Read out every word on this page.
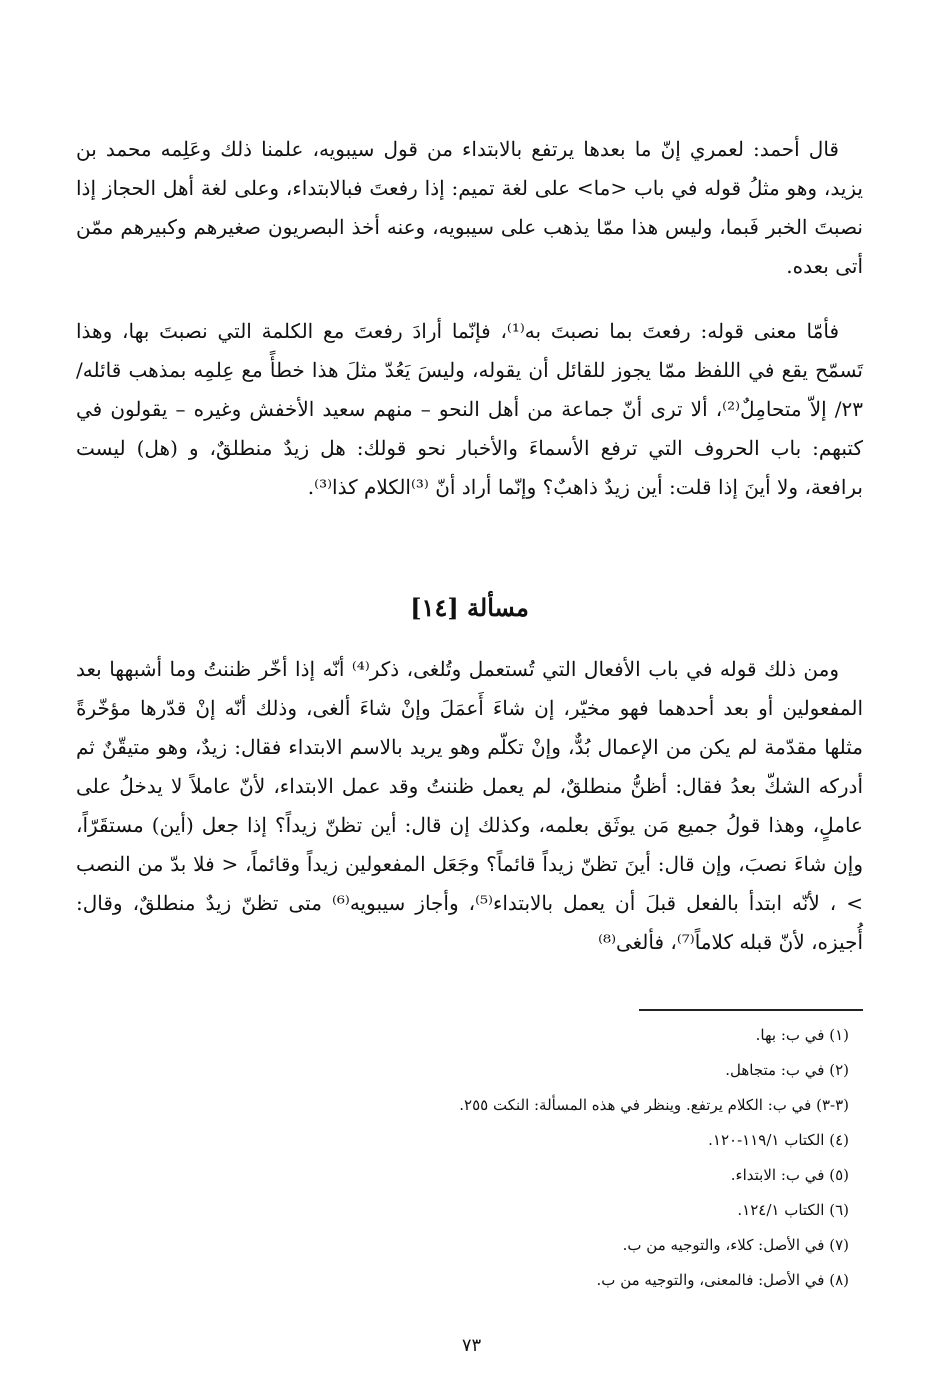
قال أحمد: لعمري إنّ ما بعدها يرتفع بالابتداء من قول سيبويه، علمنا ذلك وعَلِمه محمد بن يزيد، وهو مثلُ قوله في باب <ما> على لغة تميم: إذا رفعتَ فبالابتداء، وعلى لغة أهل الحجاز إذا نصبتَ الخبر فَبما، وليس هذا ممّا يذهب على سيبويه، وعنه أخذ البصريون صغيرهم وكبيرهم ممّن أتى بعده.

فأمّا معنى قوله: رفعتَ بما نصبتَ به⁽¹⁾، فإنّما أرادَ رفعتَ مع الكلمة التي نصبتَ بها، وهذا تَسمّح يقع في اللفظ ممّا يجوز للقائل أن يقوله، وليسَ يَعُدّ مثلَ هذا خطأً مع عِلمِه بمذهب قائله/٢٣/ إلاّ متحامِلٌ⁽²⁾، ألا ترى أنّ جماعة من أهل النحو – منهم سعيد الأخفش وغيره – يقولون في كتبهم: باب الحروف التي ترفع الأسماءَ والأخبار نحو قولك: هل زيدٌ منطلقٌ، و (هل) ليست برافعة، ولا أينَ إذا قلت: أين زيدٌ ذاهبٌ؟ وإنّما أراد أنّ ⁽³⁾الكلام كذا⁽³⁾.

مسألة [١٤]

ومن ذلك قوله في باب الأفعال التي تُستعمل وتُلغى، ذكر⁽⁴⁾ أنّه إذا أخّر ظننتُ وما أشبهها بعد المفعولين أو بعد أحدهما فهو مخيّر، إن شاءَ أَعمَلَ وإنْ شاءَ ألغى، وذلك أنّه إنْ قدّرها مؤخّرةً مثلها مقدّمة لم يكن من الإعمال بُدٌّ، وإنْ تكلّم وهو يريد بالاسم الابتداء فقال: زيدٌ، وهو متيقّنٌ ثم أدركه الشكّ بعدُ فقال: أظنُّ منطلقٌ، لم يعمل ظننتُ وقد عمل الابتداء، لأنّ عاملاً لا يدخلُ على عاملٍ، وهذا قولُ جميع مَن يوثَق بعلمه، وكذلك إن قال: أين تظنّ زيداً؟ إذا جعل (أين) مستقَرّاً، وإن شاءَ نصبَ، وإن قال: أينَ تظنّ زيداً قائماً؟ وجَعَل المفعولين زيداً وقائماً، < فلا بدّ من النصب > ، لأنّه ابتدأ بالفعل قبلَ أن يعمل بالابتداء⁽⁵⁾، وأجاز سيبويه⁽⁶⁾ متى تظنّ زيدٌ منطلقٌ، وقال: أُجيزه، لأنّ قبله كلاماً⁽⁷⁾، فألغى⁽⁸⁾

(١) في ب: بها.
(٢) في ب: متجاهل.
(٣-٣) في ب: الكلام يرتفع. وينظر في هذه المسألة: النكت ٢٥٥.
(٤) الكتاب ١١٩/١-١٢٠.
(٥) في ب: الابتداء.
(٦) الكتاب ١٢٤/١.
(٧) في الأصل: كلاء، والتوجيه من ب.
(٨) في الأصل: فالمعنى، والتوجيه من ب.
٧٣
